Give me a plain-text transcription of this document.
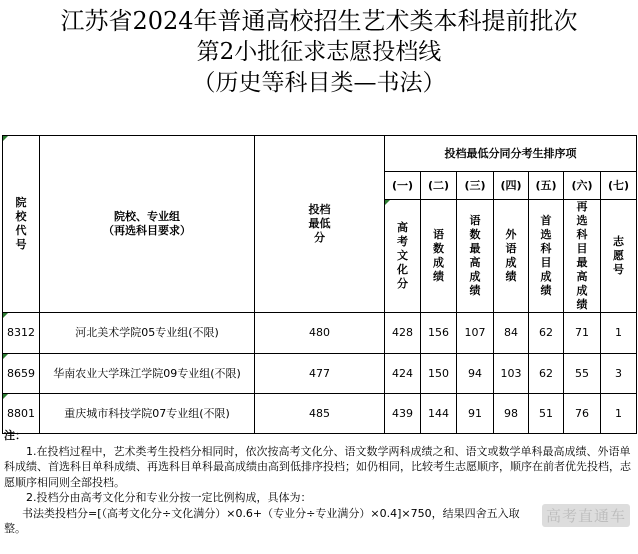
江苏省2024年普通高校招生艺术类本科提前批次
第2小批征求志愿投档线
（历史等科目类—书法）
院校代号	院校、专业组
（再选科目要求）	投档最低分	投档最低分同分考生排序项						
			(一)	(二)	(三)	(四)	(五)	(六)	(七)

			高考文化分	语数成绩	语数最高成绩	外语成绩	首选科目成绩	再选科目最高成绩	志愿号

8312	河北美术学院05专业组(不限)	480	428	156	107	84	62	71	1
8659	华南农业大学珠江学院09专业组(不限)	477	424	150	94	103	62	55	3
8801	重庆城市科技学院07专业组(不限)	485	439	144	91	98	51	76	1
注：

1.在投档过程中，艺术类考生投档分相同时，依次按高考文化分、语文数学两科成绩之和、语文或数学单科最高成绩、外语单科成绩、首选科目单科成绩、再选科目单科最高成绩由高到低排序投档；如仍相同，比较考生志愿顺序，顺序在前者优先投档，志愿顺序相同则全部投档。

2.投档分由高考文化分和专业分按一定比例构成，具体为：

书法类投档分=[（高考文化分÷文化满分）×0.6+（专业分÷专业满分）×0.4]×750，结果四舍五入取

整。
高考直通车
